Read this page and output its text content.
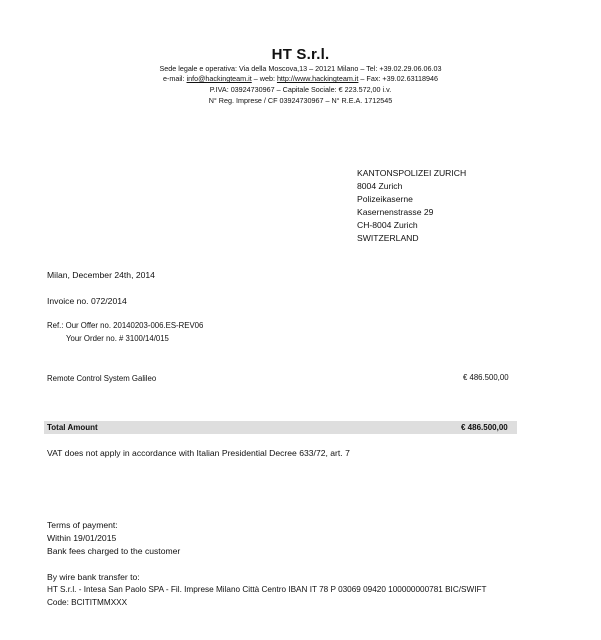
HT S.r.l.
Sede legale e operativa: Via della Moscova,13 – 20121 Milano – Tel: +39.02.29.06.06.03
e-mail: info@hackingteam.it – web: http://www.hackingteam.it – Fax: +39.02.63118946
P.IVA: 03924730967 – Capitale Sociale: € 223.572,00 i.v.
N° Reg. Imprese / CF 03924730967 – N° R.E.A. 1712545
KANTONSPOLIZEI ZURICH
8004 Zurich
Polizeikaserne
Kasernenstrasse 29
CH-8004 Zurich
SWITZERLAND
Milan, December 24th, 2014
Invoice no. 072/2014
Ref.: Our Offer no. 20140203-006.ES-REV06
Your Order no. # 3100/14/015
Remote Control System Galileo	€ 486.500,00
Total Amount	€ 486.500,00
VAT does not apply in accordance with Italian Presidential Decree 633/72, art. 7
Terms of payment:
Within 19/01/2015
Bank fees charged to the customer
By wire bank transfer to:
HT S.r.l. - Intesa San Paolo SPA - Fil. Imprese Milano Città Centro IBAN IT 78 P 03069 09420 100000000781 BIC/SWIFT
Code: BCITITMMXXX
